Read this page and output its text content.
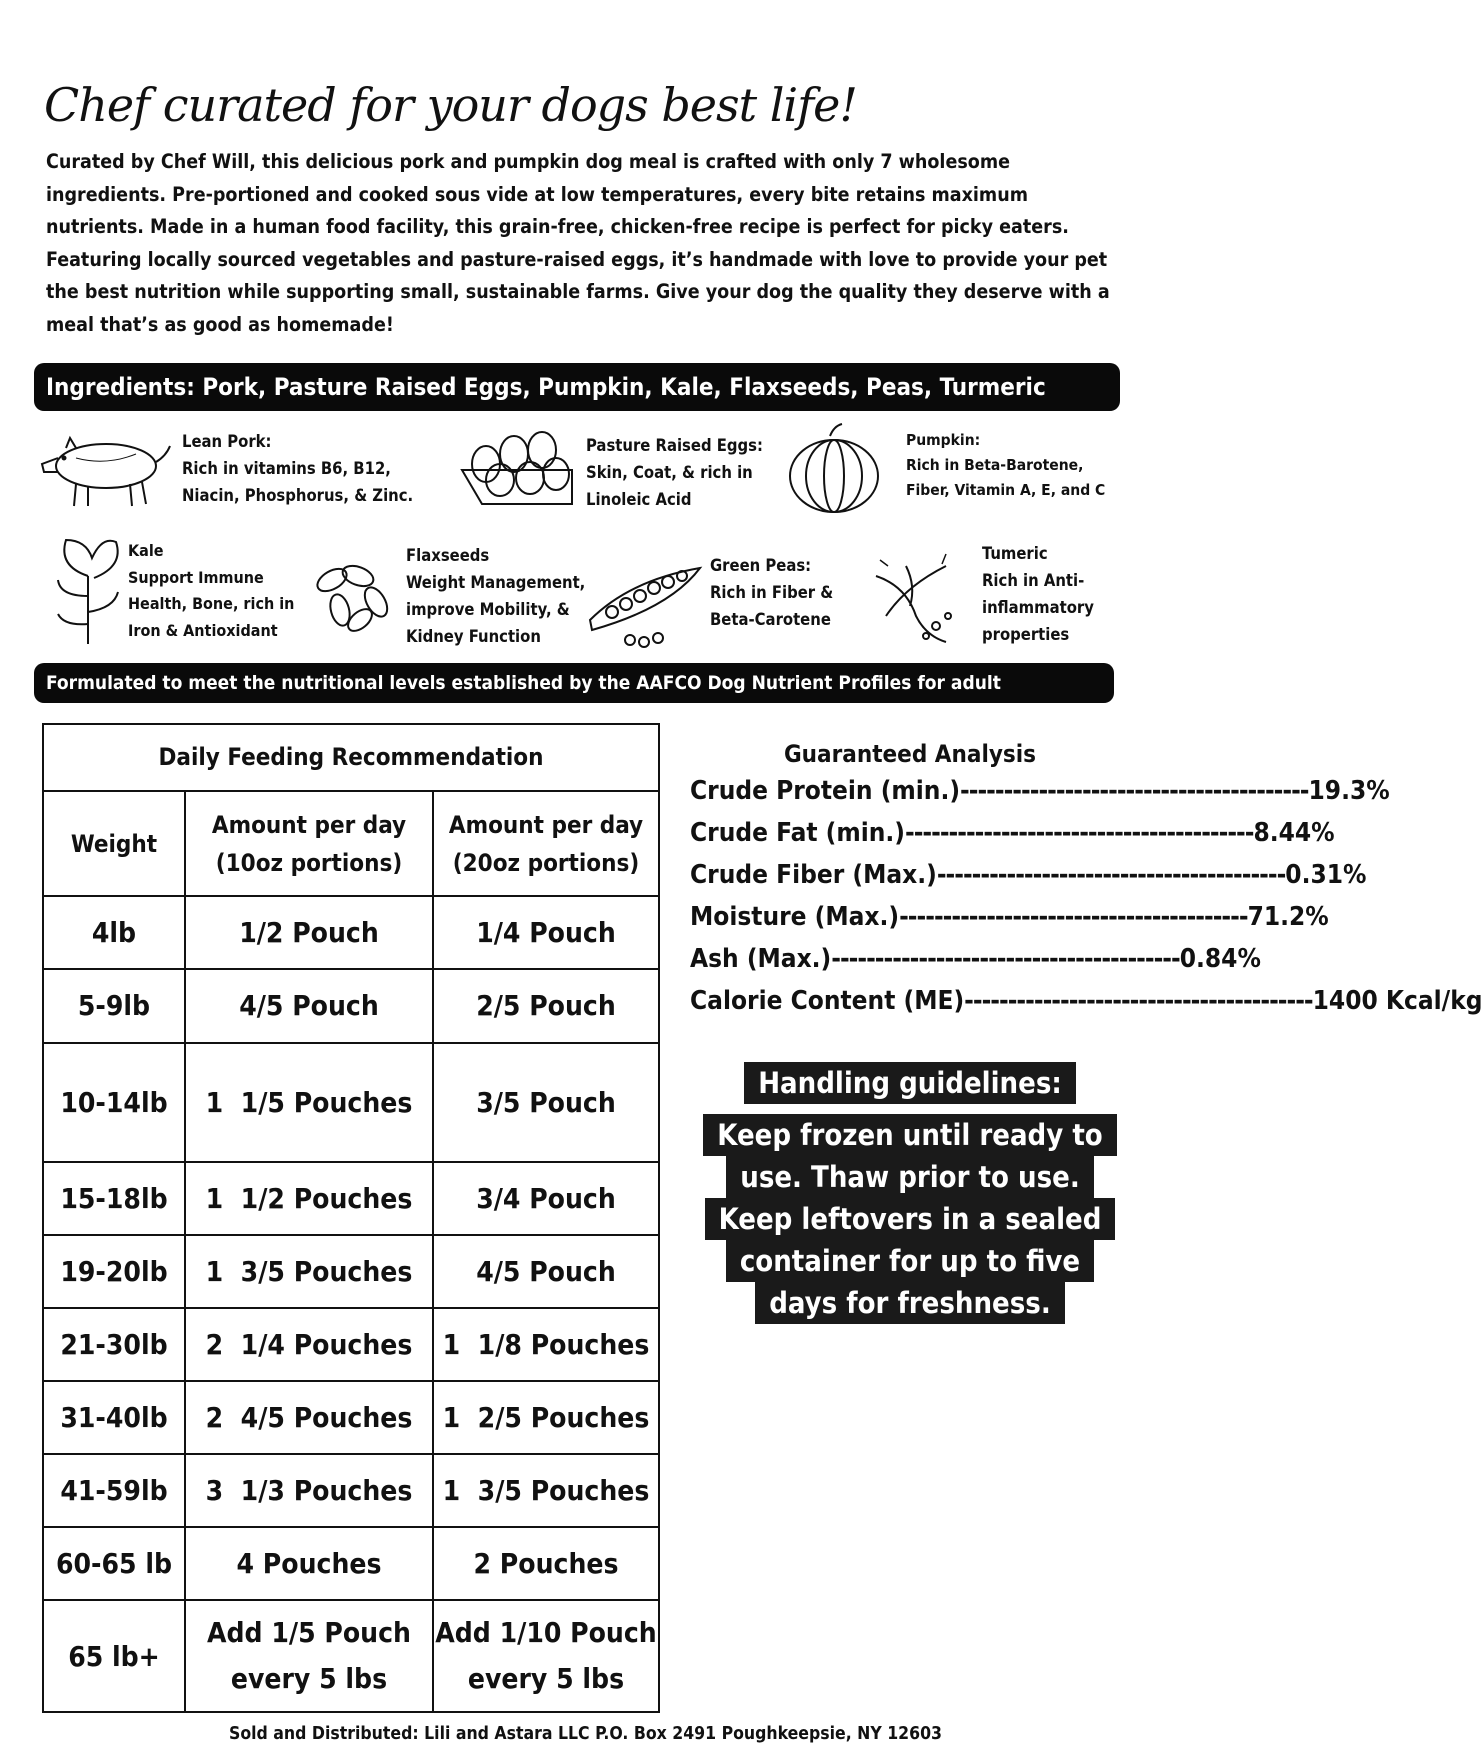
Chef curated for your dogs best life!
Curated by Chef Will, this delicious pork and pumpkin dog meal is crafted with only 7 wholesome ingredients. Pre-portioned and cooked sous vide at low temperatures, every bite retains maximum nutrients. Made in a human food facility, this grain-free, chicken-free recipe is perfect for picky eaters. Featuring locally sourced vegetables and pasture-raised eggs, it’s handmade with love to provide your pet the best nutrition while supporting small, sustainable farms. Give your dog the quality they deserve with a meal that’s as good as homemade!
Ingredients: Pork, Pasture Raised Eggs, Pumpkin, Kale, Flaxseeds, Peas, Turmeric
Lean Pork:
Rich in vitamins B6, B12, Niacin, Phosphorus, & Zinc.
Pasture Raised Eggs:
Skin, Coat, & rich in Linoleic Acid
Pumpkin:
Rich in Beta-Barotene, Fiber, Vitamin A, E, and C
Kale
Support Immune Health, Bone, rich in Iron & Antioxidant
Flaxseeds
Weight Management, improve Mobility, & Kidney Function
Green Peas:
Rich in Fiber & Beta-Carotene
Tumeric
Rich in Anti-inflammatory properties
Formulated to meet the nutritional levels established by the AAFCO Dog Nutrient Profiles for adult maintenance.
Daily Feeding Recommendation		
Weight	Amount per day (10oz portions)	Amount per day (20oz portions)
4lb	1/2 Pouch	1/4 Pouch
5-9lb	4/5 Pouch	2/5 Pouch
10-14lb	1  1/5 Pouches	3/5 Pouch
15-18lb	1  1/2 Pouches	3/4 Pouch
19-20lb	1  3/5 Pouches	4/5 Pouch
21-30lb	2  1/4 Pouches	1  1/8 Pouches
31-40lb	2  4/5 Pouches	1  2/5 Pouches
41-59lb	3  1/3 Pouches	1  3/5 Pouches
60-65 lb	4 Pouches	2 Pouches
65 lb+	Add 1/5 Pouch every 5 lbs	Add 1/10 Pouch every 5 lbs
Guaranteed Analysis
Crude Protein (min.) ---------------------------------------- 19.3%
Crude Fat (min.) ---------------------------------------- 8.44%
Crude Fiber (Max.) ---------------------------------------- 0.31%
Moisture (Max.) ---------------------------------------- 71.2%
Ash (Max.) ---------------------------------------- 0.84%
Calorie Content (ME) ---------------------------------------- 1400 Kcal/kg
Handling guidelines:
Keep frozen until ready to
use. Thaw prior to use.
Keep leftovers in a sealed
container for up to five
days for freshness.
Sold and Distributed: Lili and Astara LLC P.O. Box 2491 Poughkeepsie, NY 12603
